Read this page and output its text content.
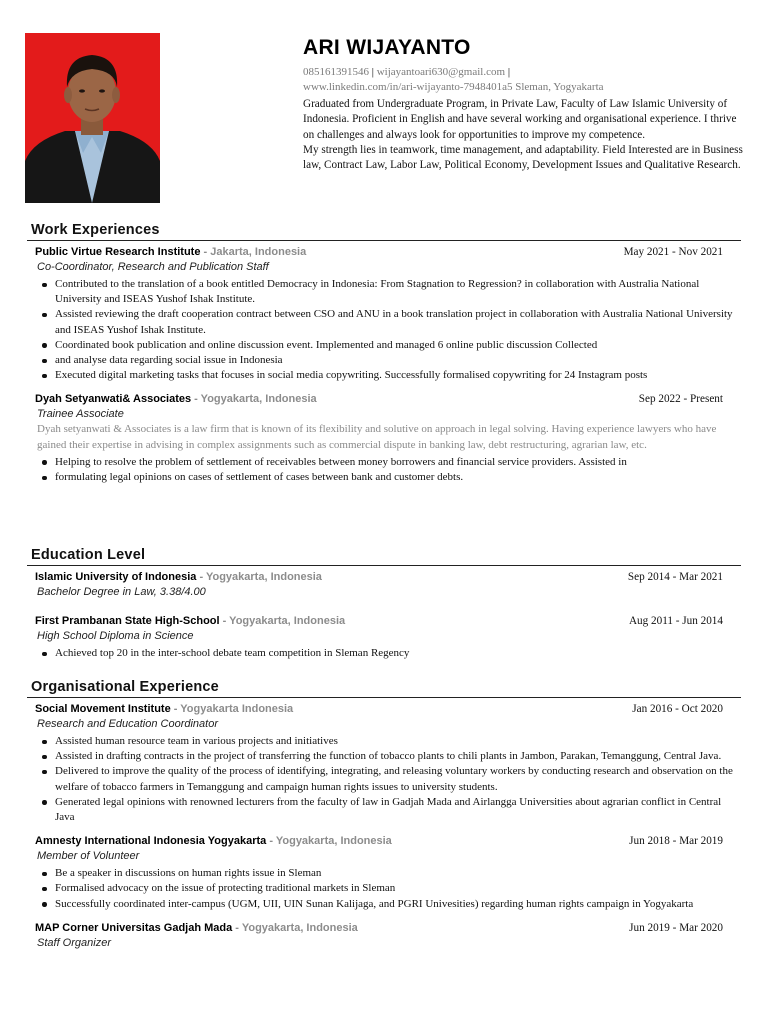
ARI WIJAYANTO
085161391546 | wijayantoari630@gmail.com |
www.linkedin.com/in/ari-wijayanto-7948401a5 Sleman, Yogyakarta

Graduated from Undergraduate Program, in Private Law, Faculty of Law Islamic University of Indonesia. Proficient in English and have several working and organisational experience. I thrive on challenges and always look for opportunities to improve my competence.

My strength lies in teamwork, time management, and adaptability. Field Interested are in Business law, Contract Law, Labor Law, Political Economy, Development Issues and Qualitative Research.

Work Experiences
Public Virtue Research Institute - Jakarta, Indonesia	May 2021 - Nov 2021
Co-Coordinator, Research and Publication Staff
Contributed to the translation of a book entitled Democracy in Indonesia: From Stagnation to Regression? in collaboration with Australia National University and ISEAS Yushof Ishak Institute.
Assisted reviewing the draft cooperation contract between CSO and ANU in a book translation project in collaboration with Australia National University and ISEAS Yushof Ishak Institute.
Coordinated book publication and online discussion event. Implemented and managed 6 online public discussion Collected
and analyse data regarding social issue in Indonesia
Executed digital marketing tasks that focuses in social media copywriting. Successfully formalised copywriting for 24 Instagram posts
Dyah Setyanwati& Associates - Yogyakarta, Indonesia	Sep 2022 - Present
Trainee Associate
Dyah setyanwati & Associates is a law firm that is known of its flexibility and solutive on approach in legal solving. Having experience lawyers who have gained their expertise in advising in complex assignments such as commercial dispute in banking law, debt restructuring, agrarian law, etc.
Helping to resolve the problem of settlement of receivables between money borrowers and financial service providers. Assisted in
formulating legal opinions on cases of settlement of cases between bank and customer debts.
Education Level
Islamic University of Indonesia - Yogyakarta, Indonesia	Sep 2014 - Mar 2021
Bachelor Degree in Law, 3.38/4.00
First Prambanan State High-School - Yogyakarta, Indonesia	Aug 2011 - Jun 2014
High School Diploma in Science
Achieved top 20 in the inter-school debate team competition in Sleman Regency
Organisational Experience
Social Movement Institute - Yogyakarta Indonesia	Jan 2016 - Oct 2020
Research and Education Coordinator
Assisted human resource team in various projects and initiatives
Assisted in drafting contracts in the project of transferring the function of tobacco plants to chili plants in Jambon, Parakan, Temanggung, Central Java.
Delivered to improve the quality of the process of identifying, integrating, and releasing voluntary workers by conducting research and observation on the welfare of tobacco farmers in Temanggung and campaign human rights issues to university students.
Generated legal opinions with renowned lecturers from the faculty of law in Gadjah Mada and Airlangga Universities about agrarian conflict in Central Java
Amnesty International Indonesia Yogyakarta - Yogyakarta, Indonesia	Jun 2018 - Mar 2019
Member of Volunteer
Be a speaker in discussions on human rights issue in Sleman
Formalised advocacy on the issue of protecting traditional markets in Sleman
Successfully coordinated inter-campus (UGM, UII, UIN Sunan Kalijaga, and PGRI Univesities) regarding human rights campaign in Yogyakarta
MAP Corner Universitas Gadjah Mada - Yogyakarta, Indonesia	Jun 2019 - Mar 2020
Staff Organizer
